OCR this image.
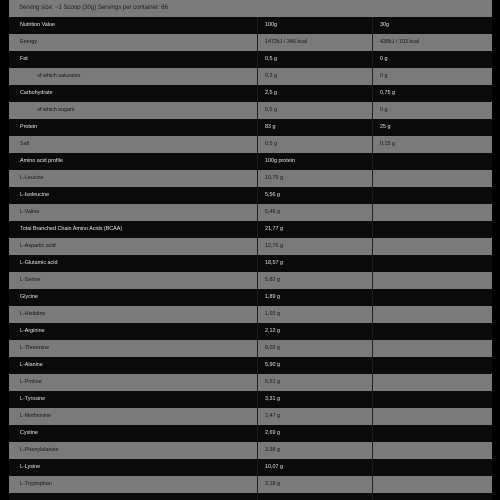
Serving size: ~1 Scoop (30g) Servings per container: 66
Nutrition Value	100g	30g
Energy	1472kJ / 346 kcal	438kJ / 103 kcal
Fat	0,5 g	0 g
of which saturates	0,3 g	0 g
Carbohydrate	2,5 g	0,75 g
of which sugars	0,5 g	0 g
Protein	83 g	25 g
Salt	0,5 g	0,15 g
Amino acid profile	100g protein
L-Leucine	10,75 g
L-Isoleucine	5,56 g
L-Valine	5,46 g
Total Branched Chain Amino Acids (BCAA)	21,77 g
L-Aspartic acid	12,76 g
L-Glutamic acid	18,57 g
L-Serine	5,82 g
Glycine	1,89 g
L-Histidine	1,65 g
L-Arginine	2,12 g
L-Threonine	8,02 g
L-Alanine	5,90 g
L-Proline	6,51 g
L-Tyrosine	3,31 g
L-Methionine	2,47 g
Cystine	2,69 g
L-Phenylalanine	3,38 g
L-Lysine	10,07 g
L-Tryptophan	2,18 g
